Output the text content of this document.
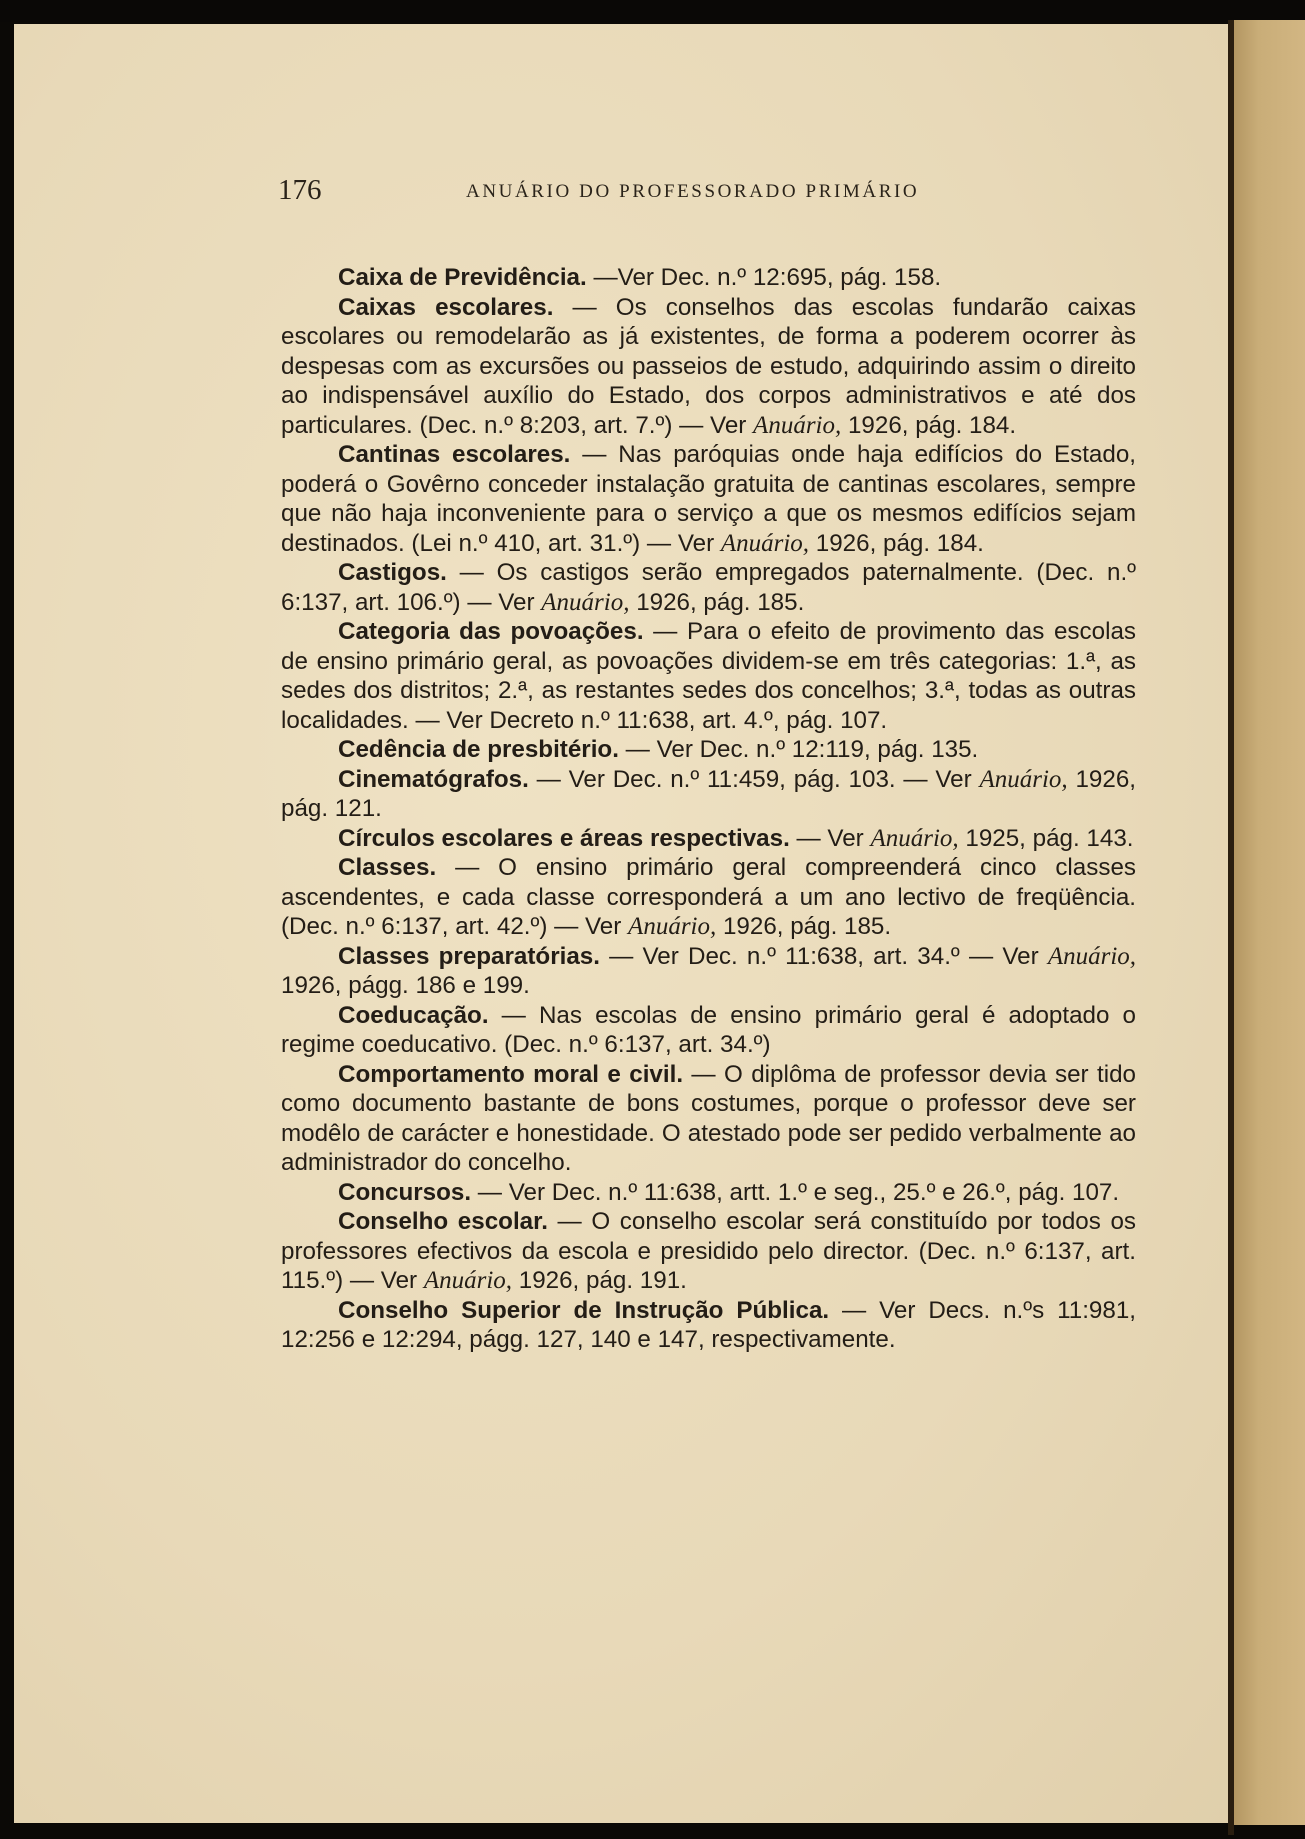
176	ANUÁRIO DO PROFESSORADO PRIMÁRIO

Caixa de Previdência. —Ver Dec. n.º 12:695, pág. 158.

Caixas escolares. — Os conselhos das escolas fundarão caixas escolares ou remodelarão as já existentes, de forma a poderem ocorrer às despesas com as excursões ou passeios de estudo, adquirindo assim o direito ao indispensável auxílio do Estado, dos corpos administrativos e até dos particulares. (Dec. n.º 8:203, art. 7.º) — Ver Anuário, 1926, pág. 184.

Cantinas escolares. — Nas paróquias onde haja edifícios do Estado, poderá o Govêrno conceder instalação gratuita de cantinas escolares, sempre que não haja inconveniente para o serviço a que os mesmos edifícios sejam destinados. (Lei n.º 410, art. 31.º) — Ver Anuário, 1926, pág. 184.

Castigos. — Os castigos serão empregados paternalmente. (Dec. n.º 6:137, art. 106.º) — Ver Anuário, 1926, pág. 185.

Categoria das povoações. — Para o efeito de provimento das escolas de ensino primário geral, as povoações dividem-se em três categorias: 1.ª, as sedes dos distritos; 2.ª, as restantes sedes dos concelhos; 3.ª, todas as outras localidades. — Ver Decreto n.º 11:638, art. 4.º, pág. 107.

Cedência de presbitério. — Ver Dec. n.º 12:119, pág. 135.

Cinematógrafos. — Ver Dec. n.º 11:459, pág. 103. — Ver Anuário, 1926, pág. 121.

Círculos escolares e áreas respectivas. — Ver Anuário, 1925, pág. 143.

Classes. — O ensino primário geral compreenderá cinco classes ascendentes, e cada classe corresponderá a um ano lectivo de freqüência. (Dec. n.º 6:137, art. 42.º) — Ver Anuário, 1926, pág. 185.

Classes preparatórias. — Ver Dec. n.º 11:638, art. 34.º — Ver Anuário, 1926, págg. 186 e 199.

Coeducação. — Nas escolas de ensino primário geral é adoptado o regime coeducativo. (Dec. n.º 6:137, art. 34.º)

Comportamento moral e civil. — O diplôma de professor devia ser tido como documento bastante de bons costumes, porque o professor deve ser modêlo de carácter e honestidade. O atestado pode ser pedido verbalmente ao administrador do concelho.

Concursos. — Ver Dec. n.º 11:638, artt. 1.º e seg., 25.º e 26.º, pág. 107.

Conselho escolar. — O conselho escolar será constituído por todos os professores efectivos da escola e presidido pelo director. (Dec. n.º 6:137, art. 115.º) — Ver Anuário, 1926, pág. 191.

Conselho Superior de Instrução Pública. — Ver Decs. n.ºs 11:981, 12:256 e 12:294, págg. 127, 140 e 147, respectivamente.
